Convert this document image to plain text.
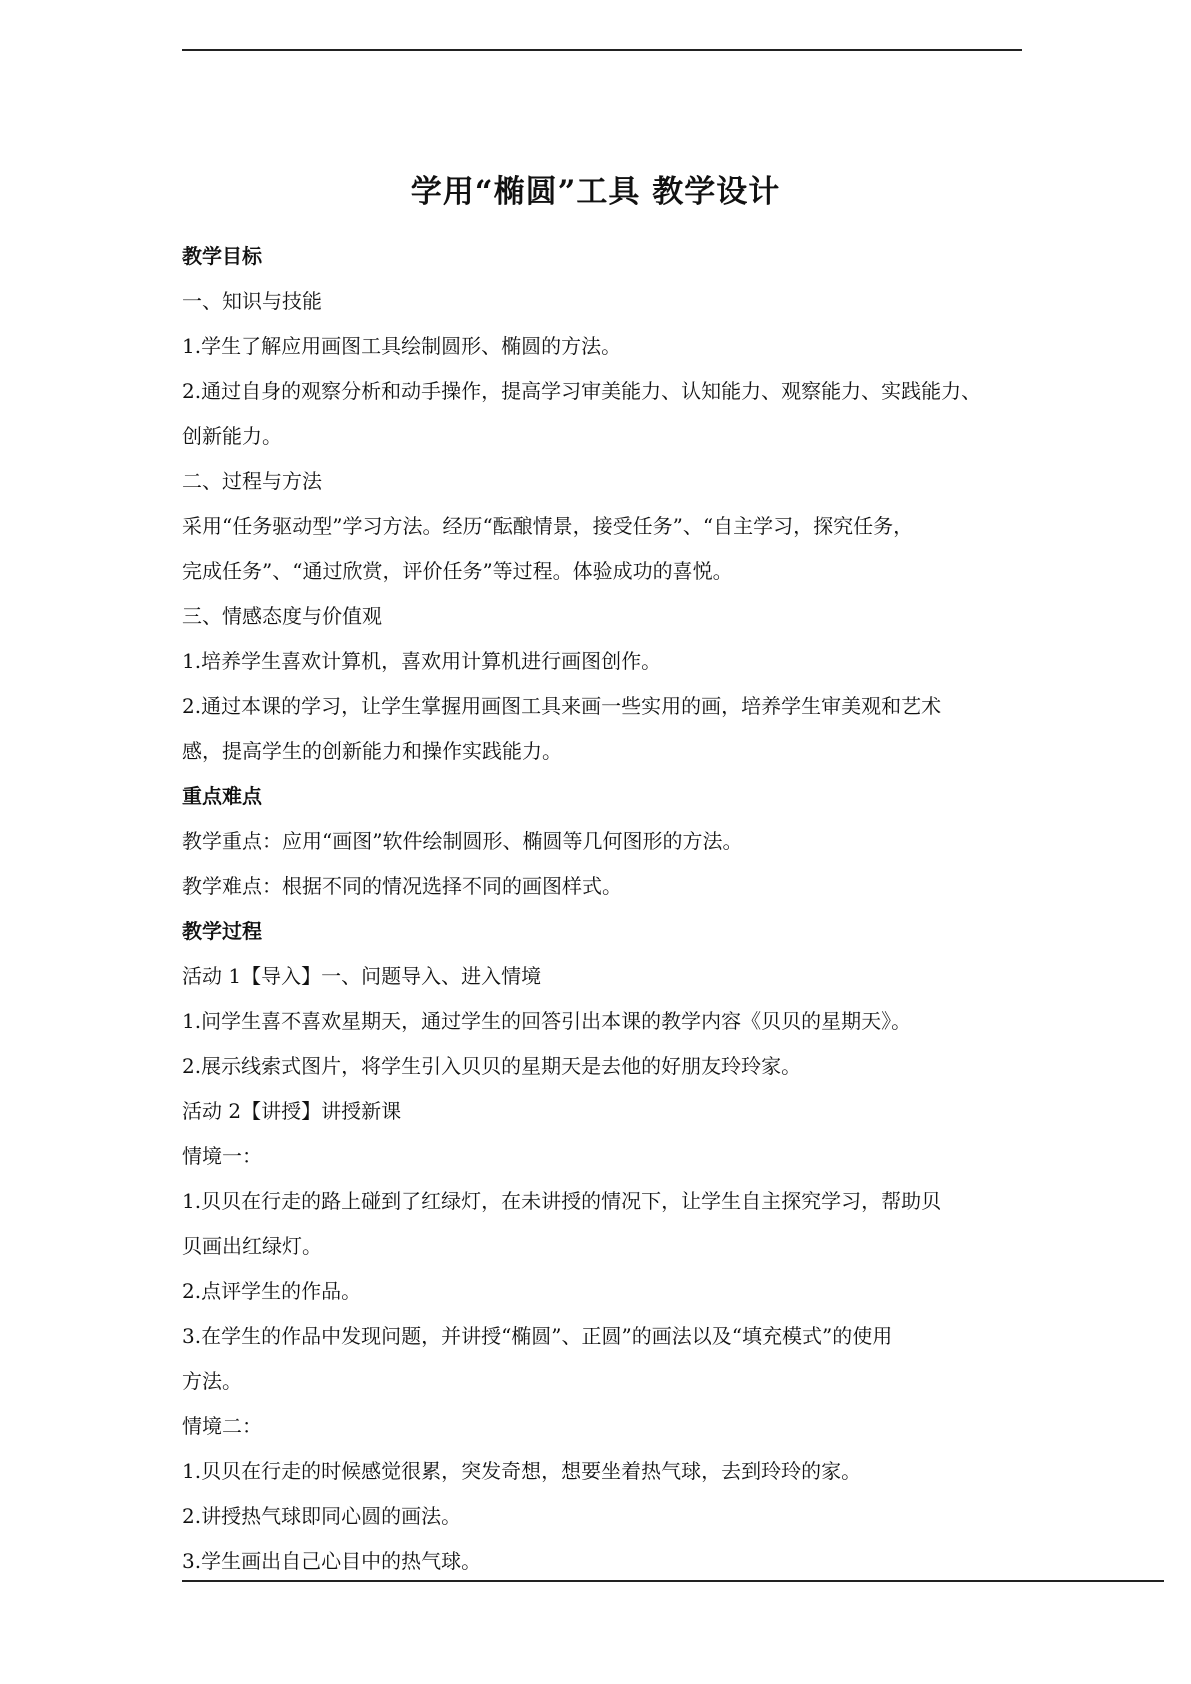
学用“椭圆”工具 教学设计
教学目标
一、知识与技能
1.学生了解应用画图工具绘制圆形、椭圆的方法。
2.通过自身的观察分析和动手操作，提高学习审美能力、认知能力、观察能力、实践能力、
创新能力。
二、过程与方法
采用“任务驱动型”学习方法。经历“酝酿情景，接受任务”、“自主学习，探究任务，
完成任务”、“通过欣赏，评价任务”等过程。体验成功的喜悦。
三、情感态度与价值观
1.培养学生喜欢计算机，喜欢用计算机进行画图创作。
2.通过本课的学习，让学生掌握用画图工具来画一些实用的画，培养学生审美观和艺术
感，提高学生的创新能力和操作实践能力。
重点难点
教学重点：应用“画图”软件绘制圆形、椭圆等几何图形的方法。
教学难点：根据不同的情况选择不同的画图样式。
教学过程
活动 1【导入】一、问题导入、进入情境
1.问学生喜不喜欢星期天，通过学生的回答引出本课的教学内容《贝贝的星期天》。
2.展示线索式图片，将学生引入贝贝的星期天是去他的好朋友玲玲家。
活动 2【讲授】讲授新课
情境一：
1.贝贝在行走的路上碰到了红绿灯，在未讲授的情况下，让学生自主探究学习，帮助贝
贝画出红绿灯。
2.点评学生的作品。
3.在学生的作品中发现问题，并讲授“椭圆”、正圆”的画法以及“填充模式”的使用
方法。
情境二：
1.贝贝在行走的时候感觉很累，突发奇想，想要坐着热气球，去到玲玲的家。
2.讲授热气球即同心圆的画法。
3.学生画出自己心目中的热气球。
